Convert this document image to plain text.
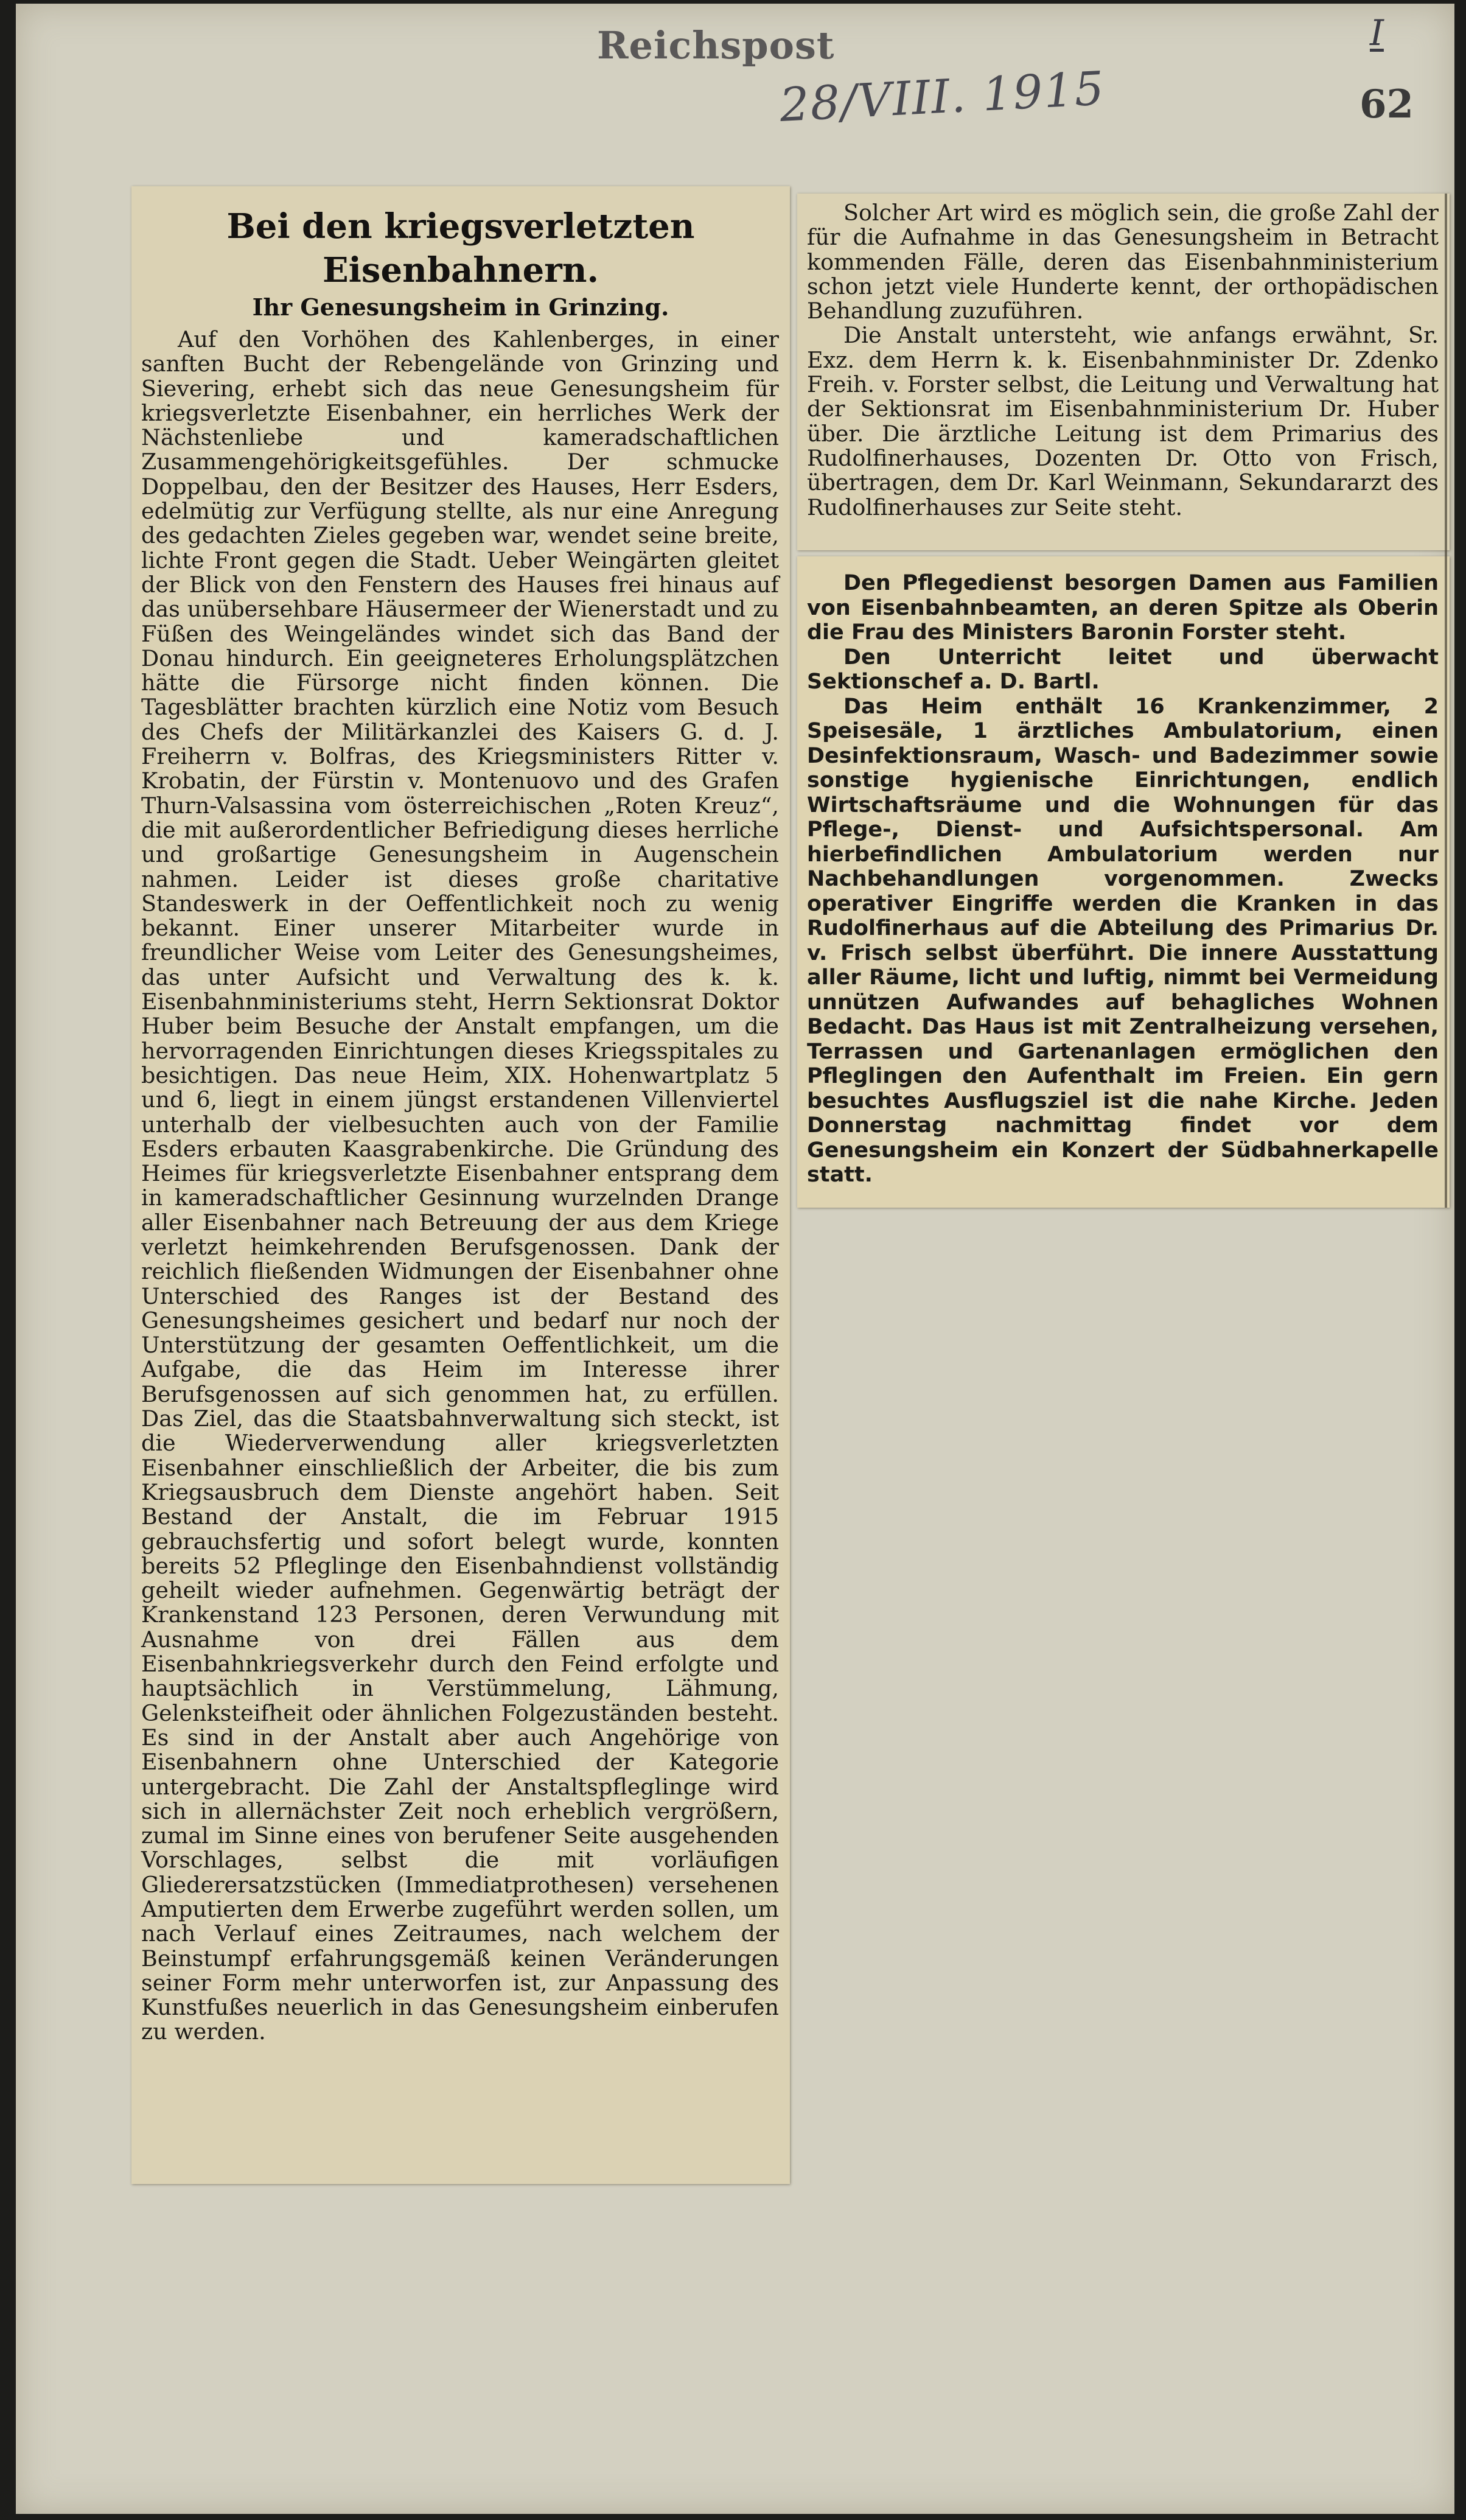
Reichspost
28/VIII. 1915
I
62
Bei den kriegsverletzten Eisenbahnern.
Ihr Genesungsheim in Grinzing.

Auf den Vorhöhen des Kahlenberges, in einer sanften Bucht der Rebengelände von Grinzing und Sievering, erhebt sich das neue Genesungsheim für kriegsverletzte Eisenbahner, ein herrliches Werk der Nächstenliebe und kameradschaftlichen Zusammengehörigkeitsgefühles. Der schmucke Doppelbau, den der Besitzer des Hauses, Herr Esders, edelmütig zur Verfügung stellte, als nur eine Anregung des gedachten Zieles gegeben war, wendet seine breite, lichte Front gegen die Stadt. Ueber Weingärten gleitet der Blick von den Fenstern des Hauses frei hinaus auf das unübersehbare Häusermeer der Wienerstadt und zu Füßen des Weingeländes windet sich das Band der Donau hindurch. Ein geeigneteres Erholungsplätzchen hätte die Fürsorge nicht finden können. Die Tagesblätter brachten kürzlich eine Notiz vom Besuch des Chefs der Militärkanzlei des Kaisers G. d. J. Freiherrn v. Bolfras, des Kriegsministers Ritter v. Krobatin, der Fürstin v. Montenuovo und des Grafen Thurn-Valsassina vom österreichischen „Roten Kreuz“, die mit außerordentlicher Befriedigung dieses herrliche und großartige Genesungsheim in Augenschein nahmen. Leider ist dieses große charitative Standeswerk in der Oeffentlichkeit noch zu wenig bekannt. Einer unserer Mitarbeiter wurde in freundlicher Weise vom Leiter des Genesungsheimes, das unter Aufsicht und Verwaltung des k. k. Eisenbahnministeriums steht, Herrn Sektionsrat Doktor Huber beim Besuche der Anstalt empfangen, um die hervorragenden Einrichtungen dieses Kriegsspitales zu besichtigen. Das neue Heim, XIX. Hohenwartplatz 5 und 6, liegt in einem jüngst erstandenen Villenviertel unterhalb der vielbesuchten auch von der Familie Esders erbauten Kaasgrabenkirche. Die Gründung des Heimes für kriegsverletzte Eisenbahner entsprang dem in kameradschaftlicher Gesinnung wurzelnden Drange aller Eisenbahner nach Betreuung der aus dem Kriege verletzt heimkehrenden Berufsgenossen. Dank der reichlich fließenden Widmungen der Eisenbahner ohne Unterschied des Ranges ist der Bestand des Genesungsheimes gesichert und bedarf nur noch der Unterstützung der gesamten Oeffentlichkeit, um die Aufgabe, die das Heim im Interesse ihrer Berufsgenossen auf sich genommen hat, zu erfüllen. Das Ziel, das die Staatsbahnverwaltung sich steckt, ist die Wiederverwendung aller kriegsverletzten Eisenbahner einschließlich der Arbeiter, die bis zum Kriegsausbruch dem Dienste angehört haben. Seit Bestand der Anstalt, die im Februar 1915 gebrauchsfertig und sofort belegt wurde, konnten bereits 52 Pfleglinge den Eisenbahndienst vollständig geheilt wieder aufnehmen. Gegenwärtig beträgt der Krankenstand 123 Personen, deren Verwundung mit Ausnahme von drei Fällen aus dem Eisenbahnkriegsverkehr durch den Feind erfolgte und hauptsächlich in Verstümmelung, Lähmung, Gelenksteifheit oder ähnlichen Folgezuständen besteht. Es sind in der Anstalt aber auch Angehörige von Eisenbahnern ohne Unterschied der Kategorie untergebracht. Die Zahl der Anstaltspfleglinge wird sich in allernächster Zeit noch erheblich vergrößern, zumal im Sinne eines von berufener Seite ausgehenden Vorschlages, selbst die mit vorläufigen Gliederersatzstücken (Immediatprothesen) versehenen Amputierten dem Erwerbe zugeführt werden sollen, um nach Verlauf eines Zeitraumes, nach welchem der Beinstumpf erfahrungsgemäß keinen Veränderungen seiner Form mehr unterworfen ist, zur Anpassung des Kunstfußes neuerlich in das Genesungsheim einberufen zu werden.

Solcher Art wird es möglich sein, die große Zahl der für die Aufnahme in das Genesungsheim in Betracht kommenden Fälle, deren das Eisenbahnministerium schon jetzt viele Hunderte kennt, der orthopädischen Behandlung zuzuführen.

Die Anstalt untersteht, wie anfangs erwähnt, Sr. Exz. dem Herrn k. k. Eisenbahnminister Dr. Zdenko Freih. v. Forster selbst, die Leitung und Verwaltung hat der Sektionsrat im Eisenbahnministerium Dr. Huber über. Die ärztliche Leitung ist dem Primarius des Rudolfinerhauses, Dozenten Dr. Otto von Frisch, übertragen, dem Dr. Karl Weinmann, Sekundararzt des Rudolfinerhauses zur Seite steht.

Den Pflegedienst besorgen Damen aus Familien von Eisenbahnbeamten, an deren Spitze als Oberin die Frau des Ministers Baronin Forster steht.

Den Unterricht leitet und überwacht Sektionschef a. D. Bartl.

Das Heim enthält 16 Krankenzimmer, 2 Speisesäle, 1 ärztliches Ambulatorium, einen Desinfektionsraum, Wasch- und Badezimmer sowie sonstige hygienische Einrichtungen, endlich Wirtschaftsräume und die Wohnungen für das Pflege-, Dienst- und Aufsichtspersonal. Am hierbefindlichen Ambulatorium werden nur Nachbehandlungen vorgenommen. Zwecks operativer Eingriffe werden die Kranken in das Rudolfinerhaus auf die Abteilung des Primarius Dr. v. Frisch selbst überführt. Die innere Ausstattung aller Räume, licht und luftig, nimmt bei Vermeidung unnützen Aufwandes auf behagliches Wohnen Bedacht. Das Haus ist mit Zentralheizung versehen, Terrassen und Gartenanlagen ermöglichen den Pfleglingen den Aufenthalt im Freien. Ein gern besuchtes Ausflugsziel ist die nahe Kirche. Jeden Donnerstag nachmittag findet vor dem Genesungsheim ein Konzert der Südbahnerkapelle statt.
